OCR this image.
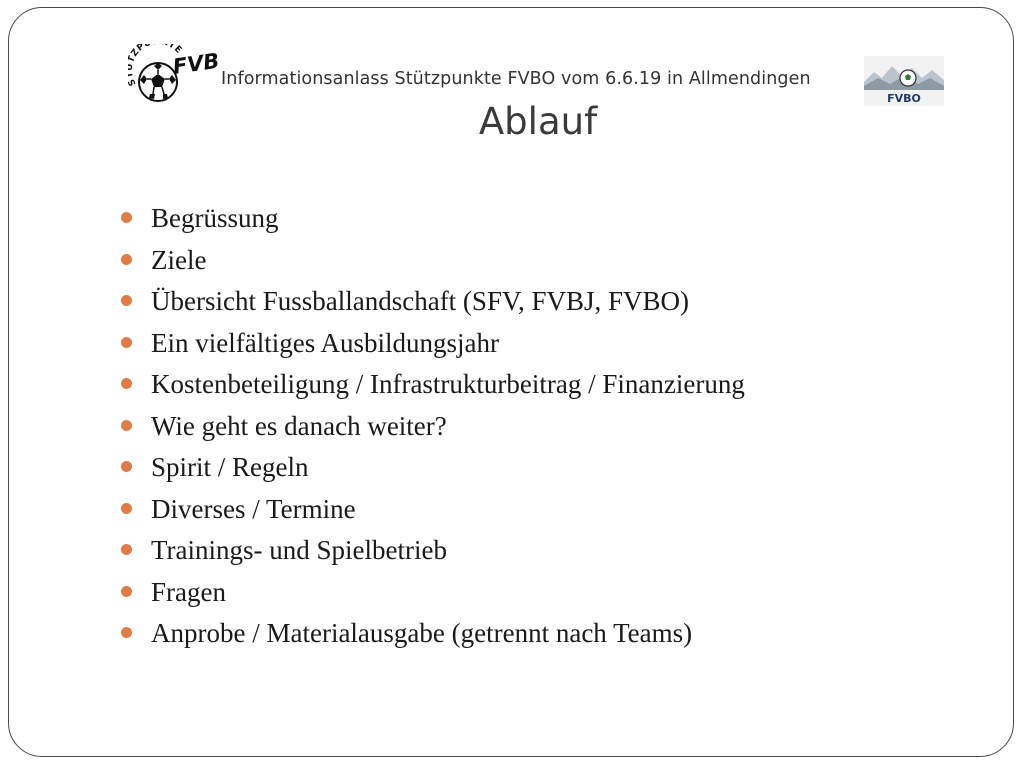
ZP TE
FVBO
Informationsanlass Stützpunkte FVBO vom 6.6.19 in Allmendingen
FVBO
Ablauf
Begrüssung
Ziele
Übersicht Fussballandschaft (SFV, FVBJ, FVBO)
Ein vielfältiges Ausbildungsjahr
Kostenbeteiligung / Infrastrukturbeitrag / Finanzierung
Wie geht es danach weiter?
Spirit / Regeln
Diverses / Termine
Trainings- und Spielbetrieb
Fragen
Anprobe / Materialausgabe (getrennt nach Teams)
